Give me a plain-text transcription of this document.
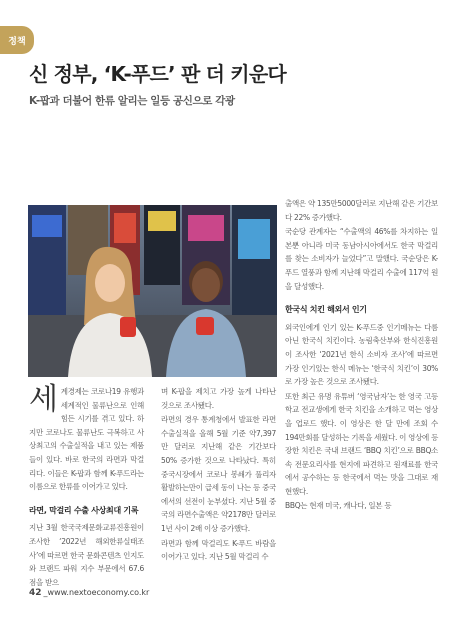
정책
신 정부, ‘K-푸드’ 판 더 키운다
K-팝과 더불어 한류 알리는 일등 공신으로 각광

세계경제는 코로나19 유행과 세계적인 물류난으로 인해 힘든 시기를 겪고 있다. 하지만 코로나도 물류난도 극복하고 사상최고의 수출실적을 내고 있는 제품들이 있다. 바로 한국의 라면과 막걸리다. 이들은 K-팝과 함께 K-푸드라는 이름으로 한류를 이어가고 있다.

라면, 막걸리 수출 사상최대 기록

지난 3월 한국국제문화교류진흥원이 조사한 ‘2022년 해외한류실태조사’에 따르면 한국 문화콘텐츠 인지도와 브랜드 파워 지수 부문에서 67.6점을 받으

며 K-팝을 제치고 가장 높게 나타난 것으로 조사됐다.

라면의 경우 통계청에서 발표한 라면 수출실적을 올해 5월 기준 약7,397만 달러로 지난해 같은 기간보다 50% 증가한 것으로 나타났다. 특히 중국시장에서 코로나 봉쇄가 풀리자 활발하는만이 급세 동이 나는 등 중국에서의 선전이 눈부셨다. 지난 5월 중국의 라면수출액은 약2178만 달러로 1년 사이 2배 이상 증가했다.

라면과 함께 막걸리도 K-푸드 바람을 이어가고 있다. 지난 5월 막걸리 수

출액은 약 135만5000달러로 지난해 같은 기간보다 22% 증가했다.

국순당 관계자는 “수출액의 46%를 차지하는 일본뿐 아니라 미국 동남아시아에서도 한국 막걸리를 찾는 소비자가 늘었다”고 말했다. 국순당은 K-푸드 열풍과 함께 지난해 막걸리 수출에 117억 원을 달성했다.

한국식 치킨 해외서 인기

외국인에게 인기 있는 K-푸드중 인기메뉴는 다름 아닌 한국식 치킨이다. 농림축산부와 한식진흥원이 조사한 ‘2021년 한식 소비자 조사’에 따르면 가장 인기있는 한식 메뉴는 ‘한국식 치킨’이 30%로 가장 높은 것으로 조사됐다.

또한 최근 유명 유튜버 ‘영국남자’는 한 영국 고등학교 전교생에게 한국 치킨을 소개하고 먹는 영상을 업로드 했다. 이 영상은 한 달 만에 조회 수 194만회를 달성하는 기록을 세웠다. 이 영상에 등장한 치킨은 국내 브랜드 ‘BBQ 치킨’으로 BBQ소속 전문요리사를 현지에 파견하고 원재료를 한국에서 공수하는 등 한국에서 먹는 맛을 그대로 재현했다.

BBQ는 현재 미국, 캐나다, 일본 등

42 _www.nextoeconomy.co.kr
